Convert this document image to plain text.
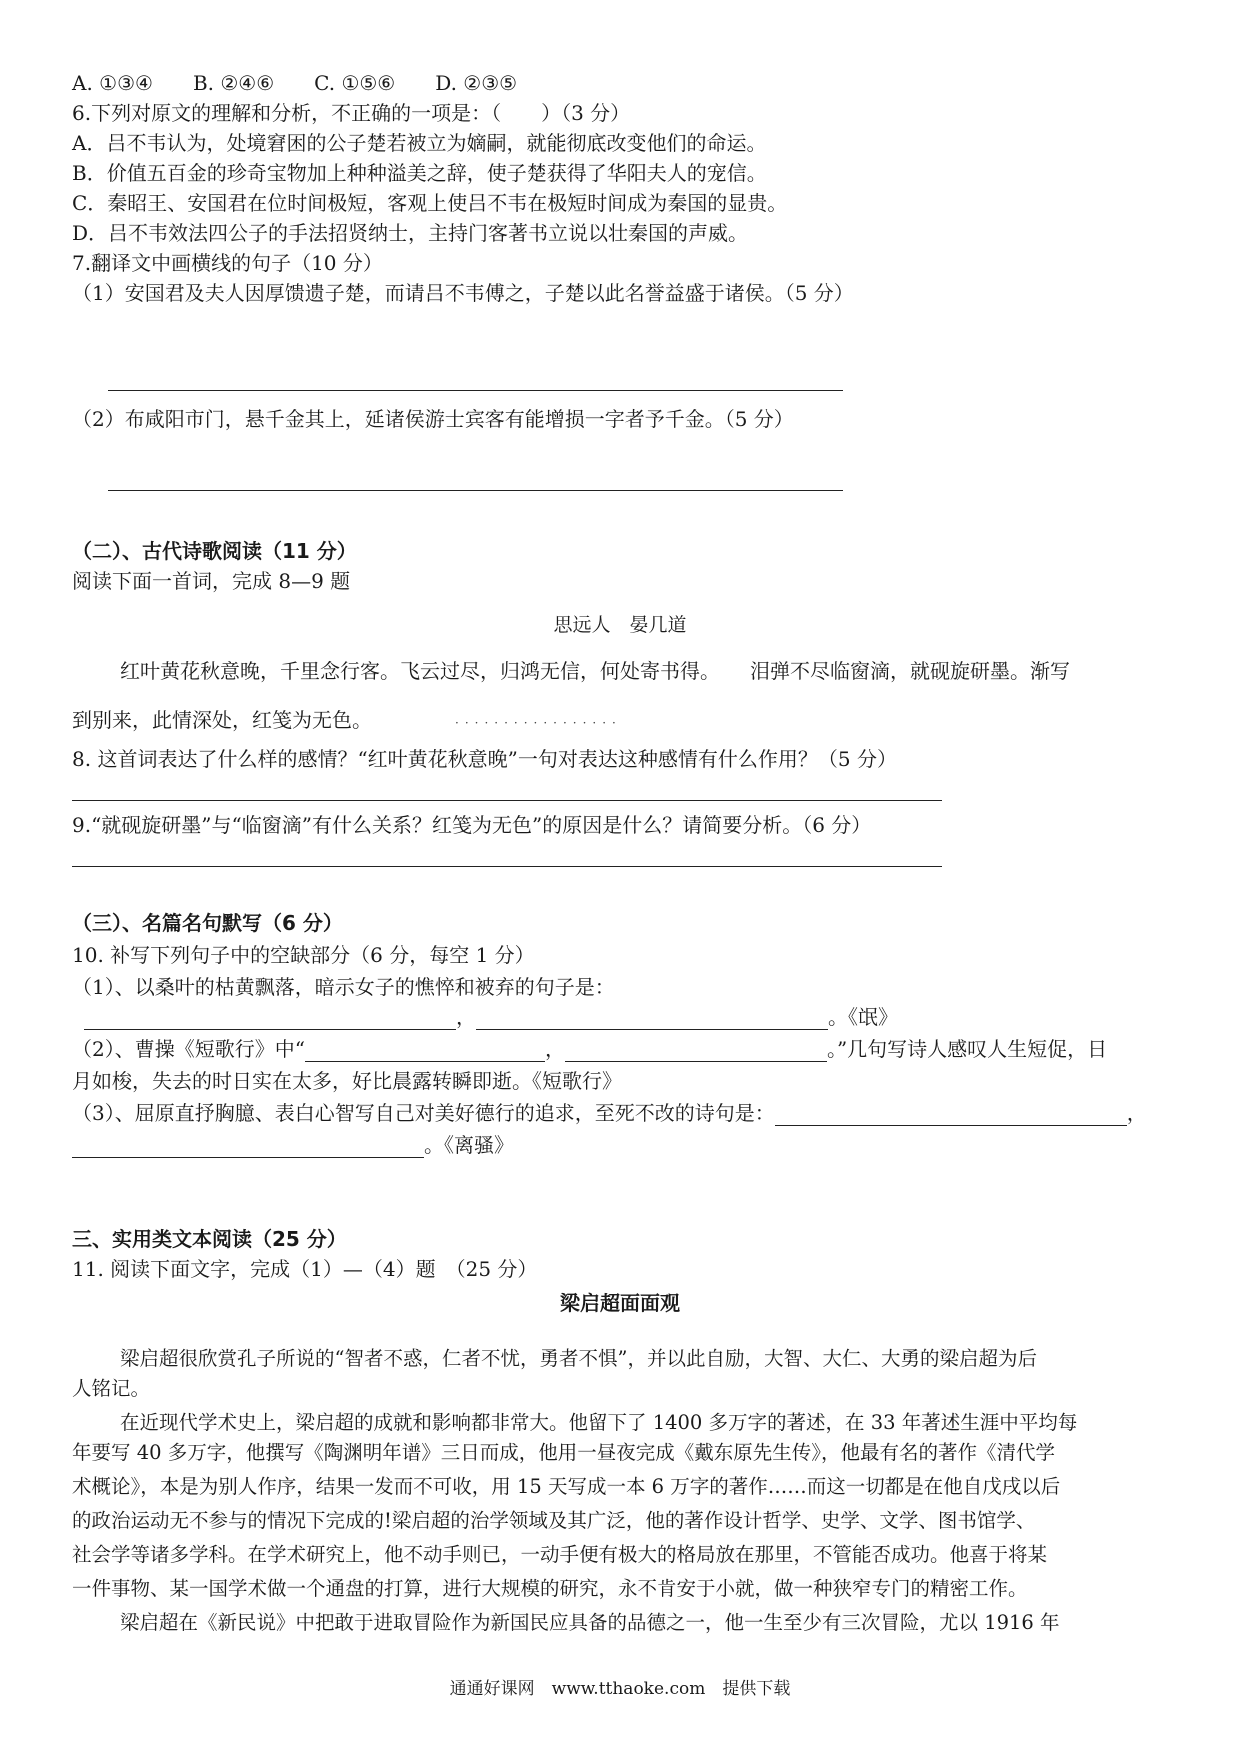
A. ①③④　　B. ②④⑥　　C. ①⑤⑥　　D. ②③⑤
6.下列对原文的理解和分析，不正确的一项是：（　　）（3 分）
A．吕不韦认为，处境窘困的公子楚若被立为嫡嗣，就能彻底改变他们的命运。
B．价值五百金的珍奇宝物加上种种溢美之辞，使子楚获得了华阳夫人的宠信。
C．秦昭王、安国君在位时间极短，客观上使吕不韦在极短时间成为秦国的显贵。
D．吕不韦效法四公子的手法招贤纳士，主持门客著书立说以壮秦国的声威。
7.翻译文中画横线的句子（10 分）
（1）安国君及夫人因厚馈遗子楚，而请吕不韦傅之，子楚以此名誉益盛于诸侯。（5 分）
（2）布咸阳市门，悬千金其上，延诸侯游士宾客有能增损一字者予千金。（5 分）
（二）、古代诗歌阅读（11 分）
阅读下面一首词，完成 8—9 题
思远人　晏几道
红叶黄花秋意晚，千里念行客。飞云过尽，归鸿无信，何处寄书得。　　泪弹不尽临窗滴，就砚旋研墨。渐写
到别来，此情深处，红笺为无色。	·················
8. 这首词表达了什么样的感情？“红叶黄花秋意晚”一句对表达这种感情有什么作用？（5 分）
9.“就砚旋研墨”与“临窗滴”有什么关系？红笺为无色”的原因是什么？请简要分析。（6 分）
（三）、名篇名句默写（6 分）
10. 补写下列句子中的空缺部分（6 分，每空 1 分）
（1）、以桑叶的枯黄飘落，暗示女子的憔悴和被弃的句子是：
，	。《氓》
（2）、曹操《短歌行》中“	，	。”几句写诗人感叹人生短促，日
月如梭，失去的时日实在太多，好比晨露转瞬即逝。《短歌行》
（3）、屈原直抒胸臆、表白心智写自己对美好德行的追求，至死不改的诗句是：	，
。《离骚》
三、实用类文本阅读（25 分）
11. 阅读下面文字，完成（1）—（4）题　（25 分）
梁启超面面观
梁启超很欣赏孔子所说的“智者不惑，仁者不忧，勇者不惧”，并以此自励，大智、大仁、大勇的梁启超为后
人铭记。
在近现代学术史上，梁启超的成就和影响都非常大。他留下了 1400 多万字的著述，在 33 年著述生涯中平均每
年要写 40 多万字，他撰写《陶渊明年谱》三日而成，他用一昼夜完成《戴东原先生传》，他最有名的著作《清代学
术概论》，本是为别人作序，结果一发而不可收，用 15 天写成一本 6 万字的著作……而这一切都是在他自戊戌以后
的政治运动无不参与的情况下完成的!梁启超的治学领域及其广泛，他的著作设计哲学、史学、文学、图书馆学、
社会学等诸多学科。在学术研究上，他不动手则已，一动手便有极大的格局放在那里，不管能否成功。他喜于将某
一件事物、某一国学术做一个通盘的打算，进行大规模的研究，永不肯安于小就，做一种狭窄专门的精密工作。
梁启超在《新民说》中把敢于进取冒险作为新国民应具备的品德之一，他一生至少有三次冒险，尤以 1916 年
通通好课网　www.tthaoke.com　提供下载
